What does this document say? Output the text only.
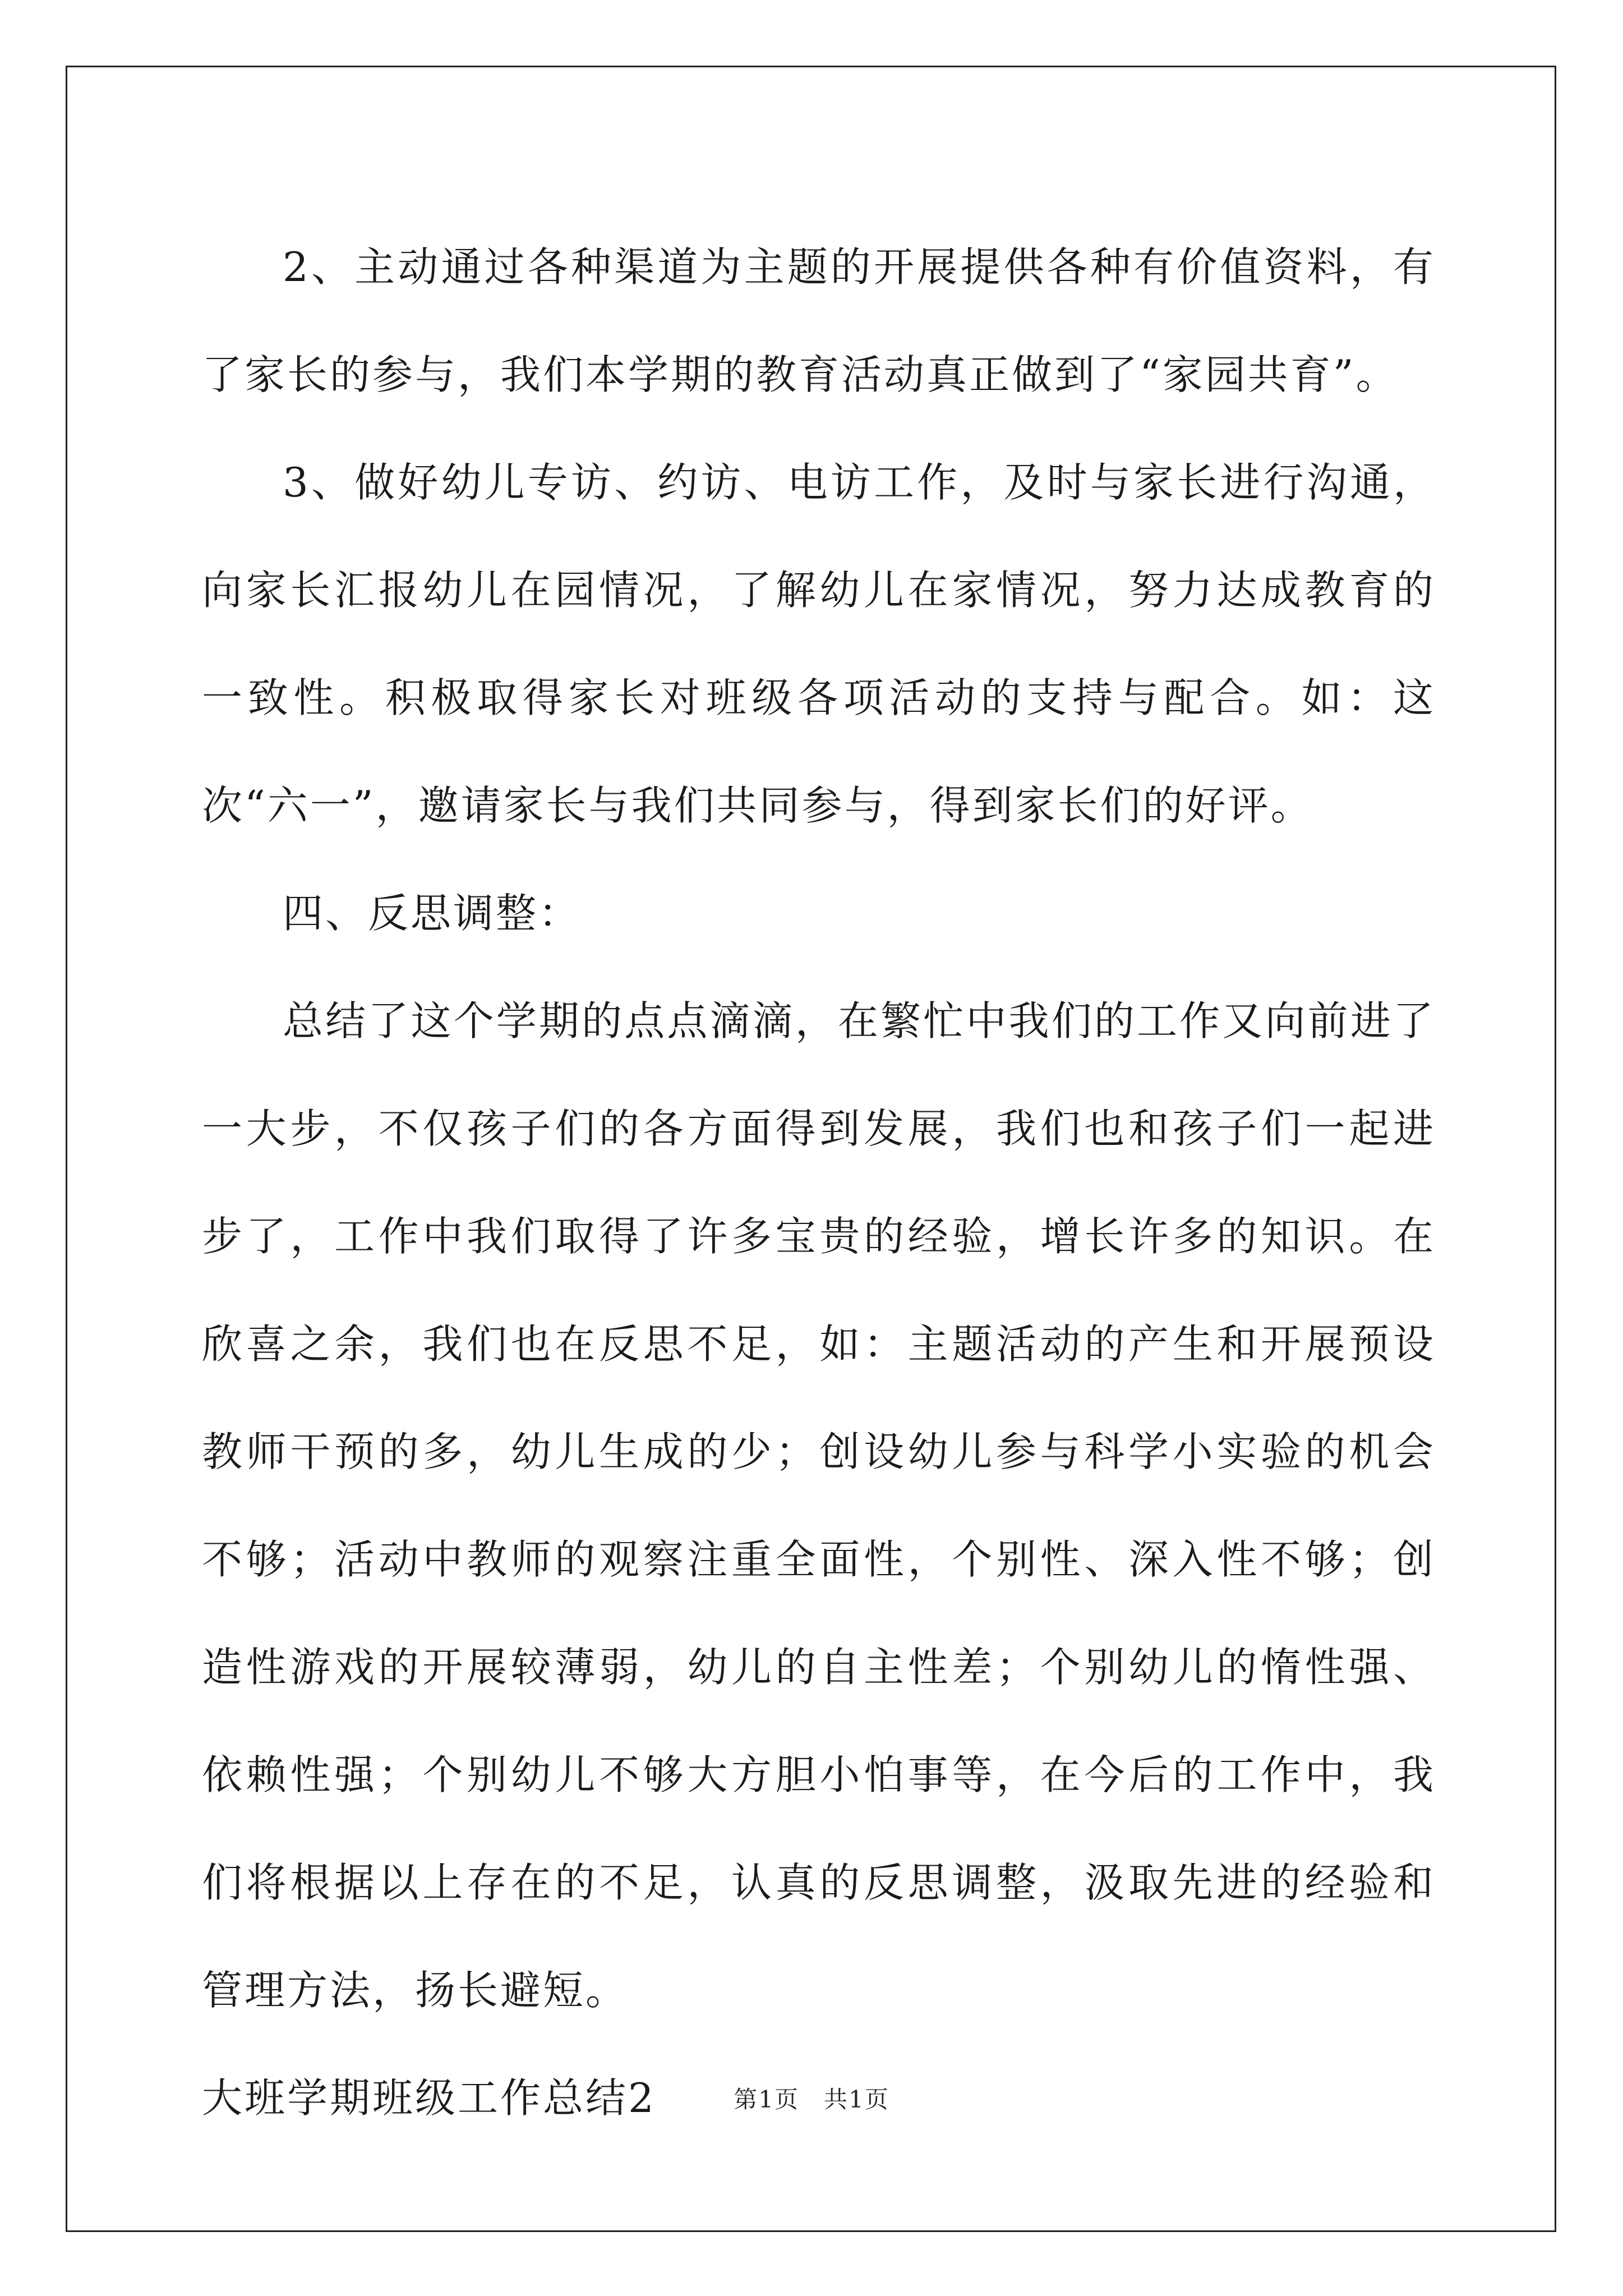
2、主动通过各种渠道为主题的开展提供各种有价值资料，有了家长的参与，我们本学期的教育活动真正做到了“家园共育”。

3、做好幼儿专访、约访、电访工作，及时与家长进行沟通，向家长汇报幼儿在园情况，了解幼儿在家情况，努力达成教育的一致性。积极取得家长对班级各项活动的支持与配合。如：这次“六一”，邀请家长与我们共同参与，得到家长们的好评。

四、反思调整：

总结了这个学期的点点滴滴，在繁忙中我们的工作又向前进了一大步，不仅孩子们的各方面得到发展，我们也和孩子们一起进步了，工作中我们取得了许多宝贵的经验，增长许多的知识。在欣喜之余，我们也在反思不足，如：主题活动的产生和开展预设教师干预的多，幼儿生成的少；创设幼儿参与科学小实验的机会不够；活动中教师的观察注重全面性，个别性、深入性不够；创造性游戏的开展较薄弱，幼儿的自主性差；个别幼儿的惰性强、依赖性强；个别幼儿不够大方胆小怕事等，在今后的工作中，我们将根据以上存在的不足，认真的反思调整，汲取先进的经验和管理方法，扬长避短。

大班学期班级工作总结2	第1页　共1页
